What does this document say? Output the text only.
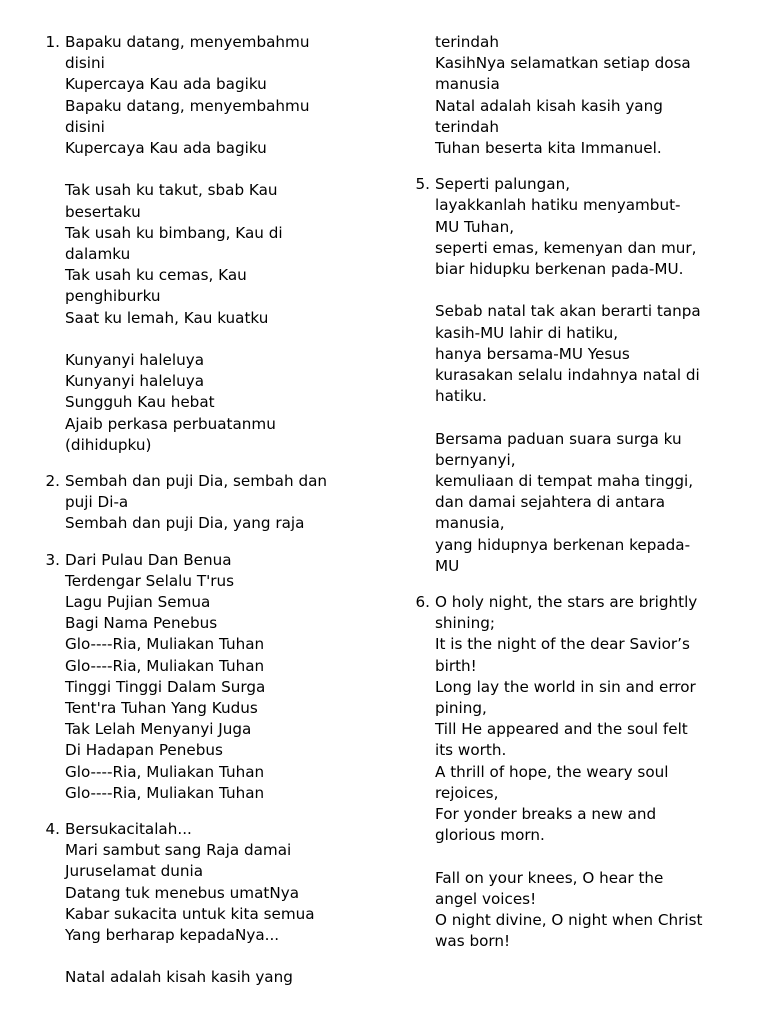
1. Bapaku datang, menyembahmu
disini
Kupercaya Kau ada bagiku
Bapaku datang, menyembahmu
disini
Kupercaya Kau ada bagiku
Tak usah ku takut, sbab Kau
besertaku
Tak usah ku bimbang, Kau di
dalamku
Tak usah ku cemas, Kau
penghiburku
Saat ku lemah, Kau kuatku
Kunyanyi haleluya
Kunyanyi haleluya
Sungguh Kau hebat
Ajaib perkasa perbuatanmu
(dihidupku)
2. Sembah dan puji Dia, sembah dan
puji Di-a
Sembah dan puji Dia, yang raja
3. Dari Pulau Dan Benua
Terdengar Selalu T'rus
Lagu Pujian Semua
Bagi Nama Penebus
Glo----Ria, Muliakan Tuhan
Glo----Ria, Muliakan Tuhan
Tinggi Tinggi Dalam Surga
Tent'ra Tuhan Yang Kudus
Tak Lelah Menyanyi Juga
Di Hadapan Penebus
Glo----Ria, Muliakan Tuhan
Glo----Ria, Muliakan Tuhan
4. Bersukacitalah...
Mari sambut sang Raja damai
Juruselamat dunia
Datang tuk menebus umatNya
Kabar sukacita untuk kita semua
Yang berharap kepadaNya...
Natal adalah kisah kasih yang
terindah
KasihNya selamatkan setiap dosa
manusia
Natal adalah kisah kasih yang
terindah
Tuhan beserta kita Immanuel.
5. Seperti palungan,
layakkanlah hatiku menyambut-
MU Tuhan,
seperti emas, kemenyan dan mur,
biar hidupku berkenan pada-MU.
Sebab natal tak akan berarti tanpa
kasih-MU lahir di hatiku,
hanya bersama-MU Yesus
kurasakan selalu indahnya natal di
hatiku.
Bersama paduan suara surga ku
bernyanyi,
kemuliaan di tempat maha tinggi,
dan damai sejahtera di antara
manusia,
yang hidupnya berkenan kepada-
MU
6. O holy night, the stars are brightly
shining;
It is the night of the dear Savior’s
birth!
Long lay the world in sin and error
pining,
Till He appeared and the soul felt
its worth.
A thrill of hope, the weary soul
rejoices,
For yonder breaks a new and
glorious morn.
Fall on your knees, O hear the
angel voices!
O night divine, O night when Christ
was born!
